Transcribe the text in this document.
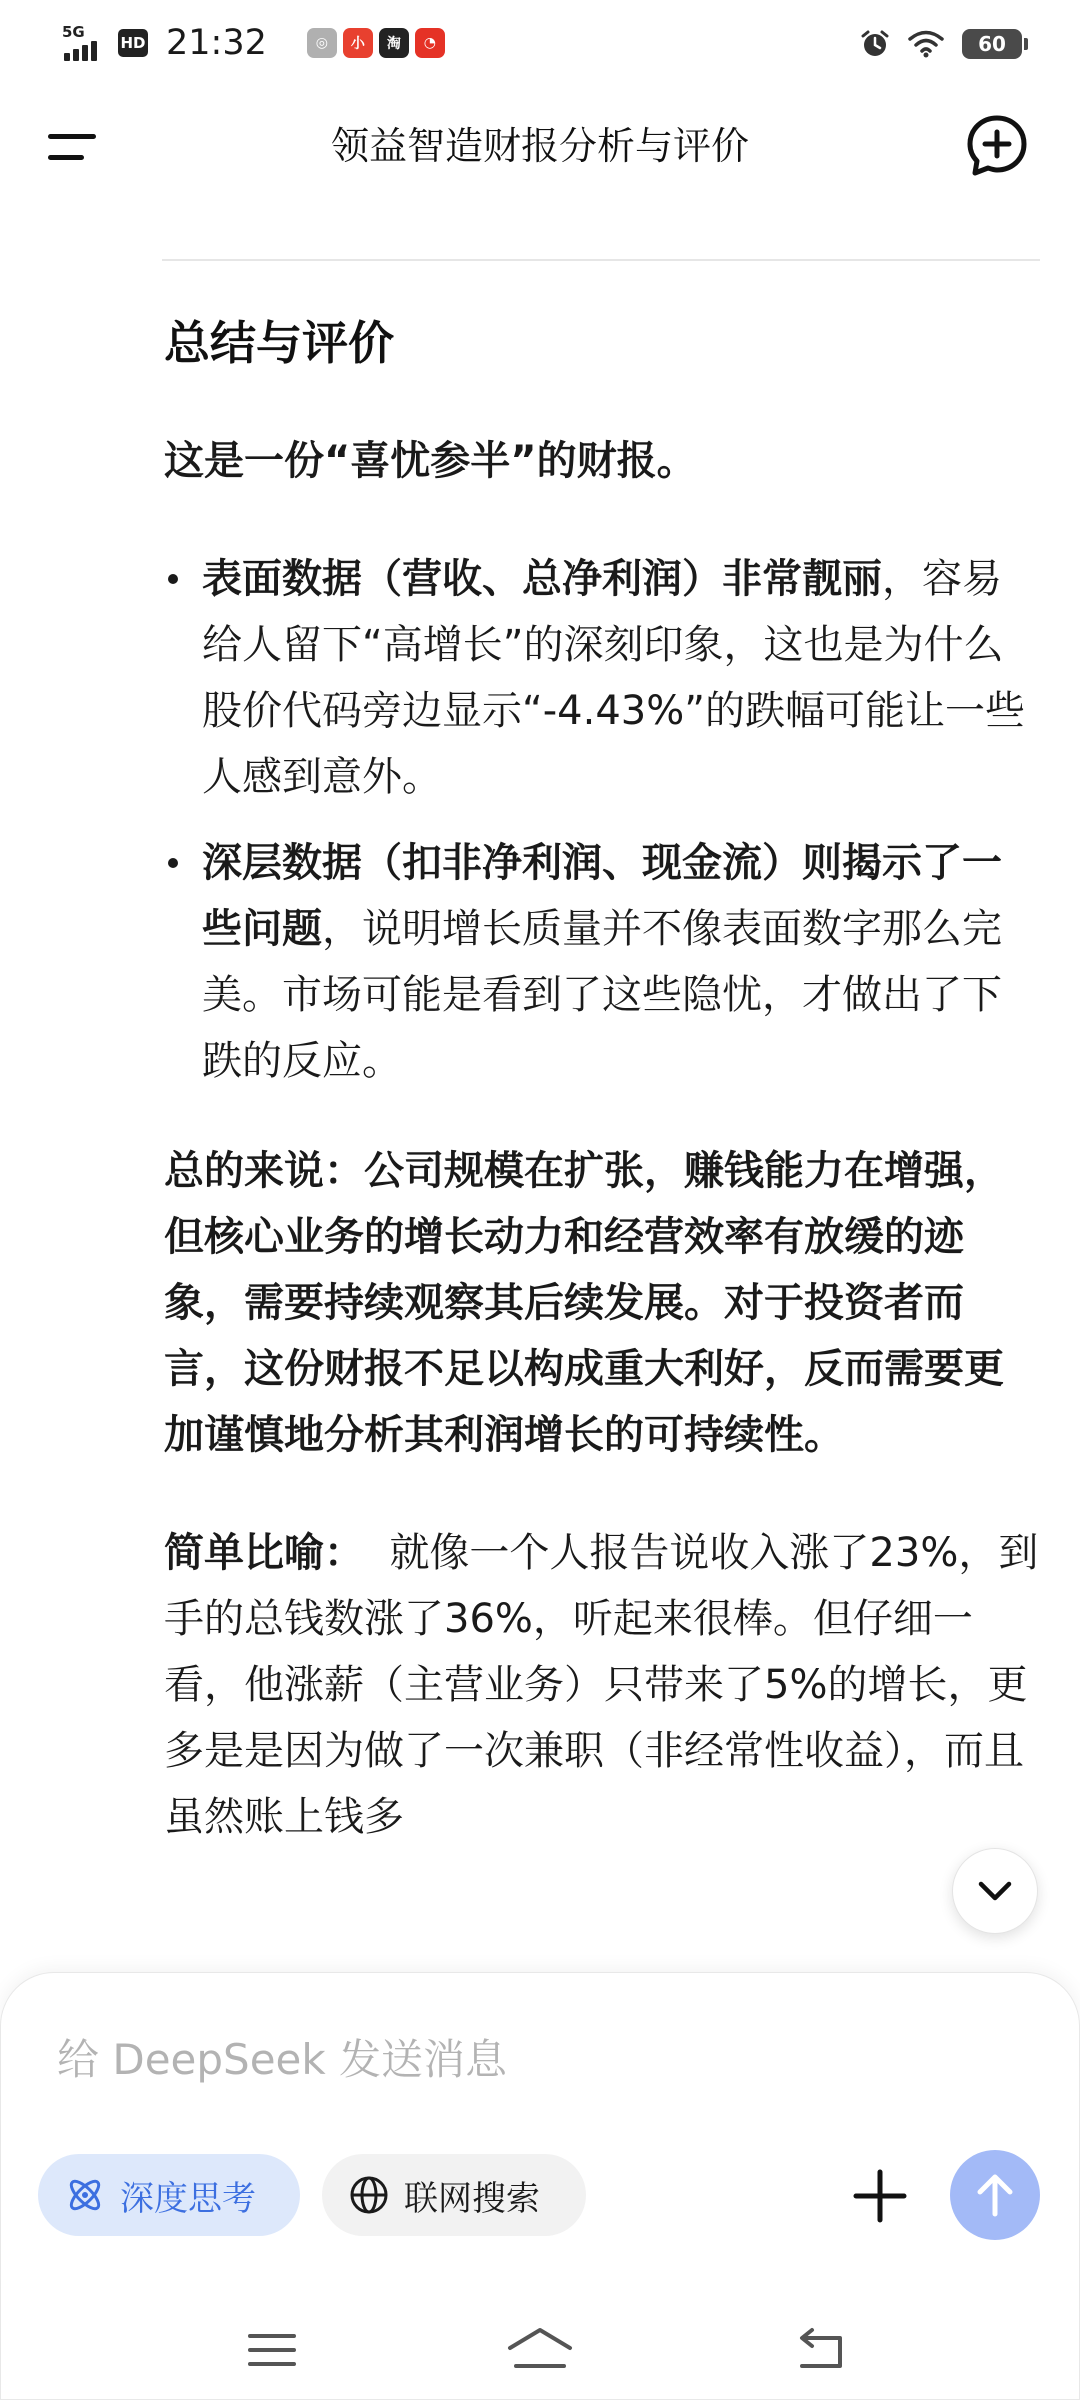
5G
HD 21:32	◎	小	淘	◔	60
领益智造财报分析与评价
总结与评价
这是一份“喜忧参半”的财报。
表面数据（营收、总净利润）非常靓丽，容易给人留下“高增长”的深刻印象，这也是为什么股价代码旁边显示“-4.43%”的跌幅可能让一些人感到意外。
深层数据（扣非净利润、现金流）则揭示了一些问题，说明增长质量并不像表面数字那么完美。市场可能是看到了这些隐忧，才做出了下跌的反应。
总的来说：公司规模在扩张，赚钱能力在增强，但核心业务的增长动力和经营效率有放缓的迹象，需要持续观察其后续发展。对于投资者而言，这份财报不足以构成重大利好，反而需要更加谨慎地分析其利润增长的可持续性。
简单比喻： 就像一个人报告说收入涨了23%，到手的总钱数涨了36%，听起来很棒。但仔细一看，他涨薪（主营业务）只带来了5%的增长，更多是是因为做了一次兼职（非经常性收益），而且虽然账上钱多
给 DeepSeek 发送消息
深度思考	联网搜索
